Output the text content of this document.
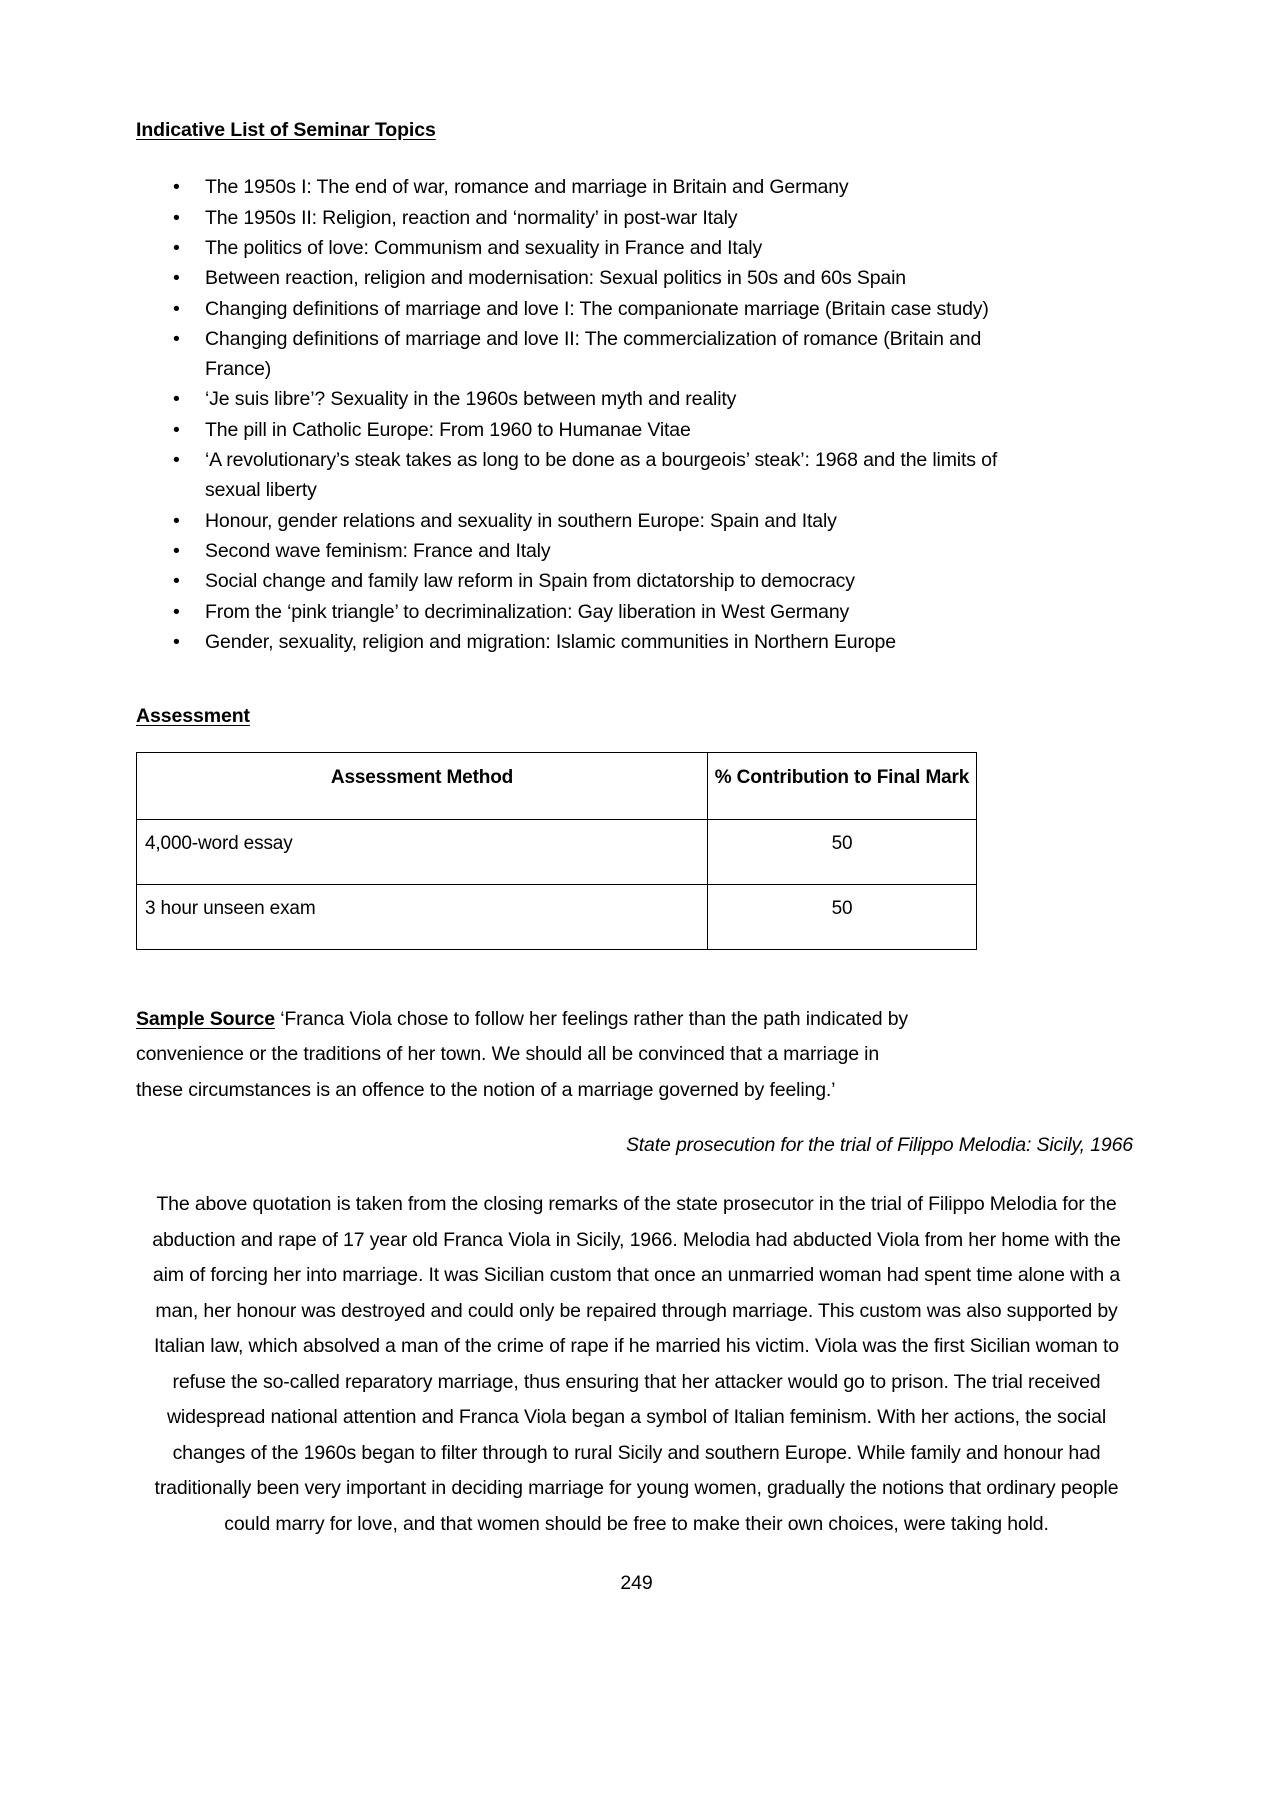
Indicative List of Seminar Topics
• The 1950s I: The end of war, romance and marriage in Britain and Germany
• The 1950s II: Religion, reaction and ‘normality’ in post-war Italy
• The politics of love: Communism and sexuality in France and Italy
• Between reaction, religion and modernisation: Sexual politics in 50s and 60s Spain
• Changing definitions of marriage and love I: The companionate marriage (Britain case study)
• Changing definitions of marriage and love II: The commercialization of romance (Britain and France)
• ‘Je suis libre’? Sexuality in the 1960s between myth and reality
• The pill in Catholic Europe: From 1960 to Humanae Vitae
• ‘A revolutionary’s steak takes as long to be done as a bourgeois’ steak’: 1968 and the limits of sexual liberty
• Honour, gender relations and sexuality in southern Europe: Spain and Italy
• Second wave feminism: France and Italy
• Social change and family law reform in Spain from dictatorship to democracy
• From the ‘pink triangle’ to decriminalization: Gay liberation in West Germany
• Gender, sexuality, religion and migration: Islamic communities in Northern Europe
Assessment
Assessment Method	% Contribution to Final Mark
4,000-word essay	50
3 hour unseen exam	50

Sample Source ‘Franca Viola chose to follow her feelings rather than the path indicated by convenience or the traditions of her town. We should all be convinced that a marriage in these circumstances is an offence to the notion of a marriage governed by feeling.’

State prosecution for the trial of Filippo Melodia: Sicily, 1966

The above quotation is taken from the closing remarks of the state prosecutor in the trial of Filippo Melodia for the abduction and rape of 17 year old Franca Viola in Sicily, 1966. Melodia had abducted Viola from her home with the aim of forcing her into marriage. It was Sicilian custom that once an unmarried woman had spent time alone with a man, her honour was destroyed and could only be repaired through marriage. This custom was also supported by Italian law, which absolved a man of the crime of rape if he married his victim. Viola was the first Sicilian woman to refuse the so-called reparatory marriage, thus ensuring that her attacker would go to prison. The trial received widespread national attention and Franca Viola began a symbol of Italian feminism. With her actions, the social changes of the 1960s began to filter through to rural Sicily and southern Europe. While family and honour had traditionally been very important in deciding marriage for young women, gradually the notions that ordinary people could marry for love, and that women should be free to make their own choices, were taking hold.

249
